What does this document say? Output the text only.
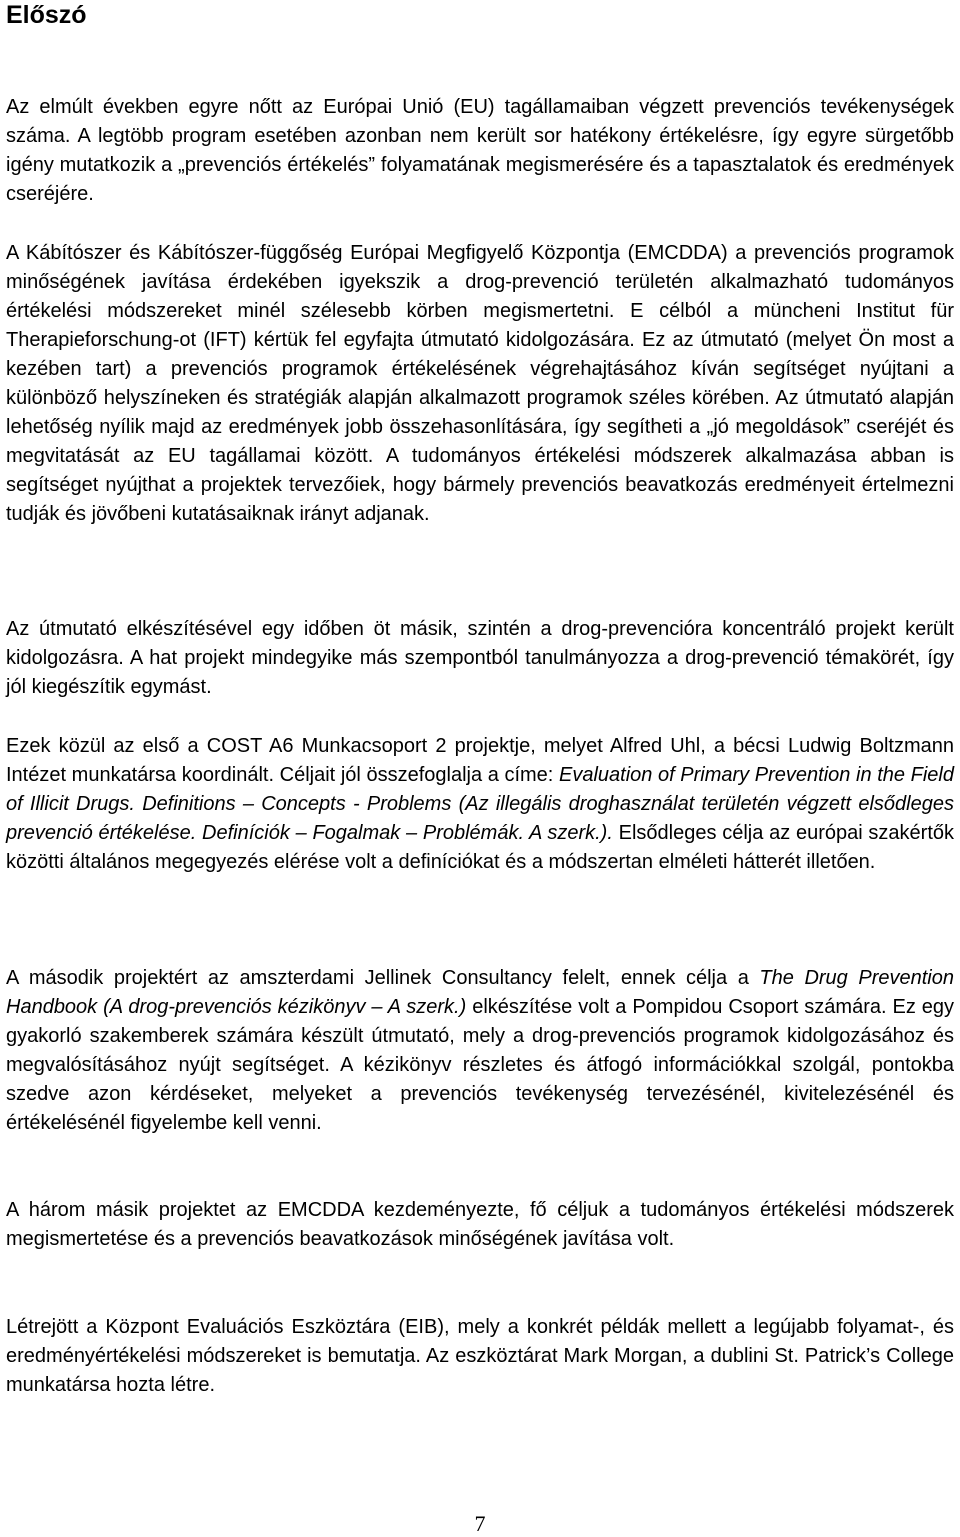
Előszó

Az elmúlt években egyre nőtt az Európai Unió (EU) tagállamaiban végzett prevenciós tevékenységek száma. A legtöbb program esetében azonban nem került sor hatékony értékelésre, így egyre sürgetőbb igény mutatkozik a „prevenciós értékelés” folyamatának megismerésére és a tapasztalatok és eredmények cseréjére.

A Kábítószer és Kábítószer-függőség Európai Megfigyelő Központja (EMCDDA) a prevenciós programok minőségének javítása érdekében igyekszik a drog-prevenció területén alkalmazható tudományos értékelési módszereket minél szélesebb körben megismertetni. E célból a müncheni Institut für Therapieforschung-ot (IFT) kértük fel egyfajta útmutató kidolgozására. Ez az útmutató (melyet Ön most a kezében tart) a prevenciós programok értékelésének végrehajtásához kíván segítséget nyújtani a különböző helyszíneken és stratégiák alapján alkalmazott programok széles körében. Az útmutató alapján lehetőség nyílik majd az eredmények jobb összehasonlítására, így segítheti a „jó megoldások” cseréjét és megvitatását az EU tagállamai között. A tudományos értékelési módszerek alkalmazása abban is segítséget nyújthat a projektek tervezőiek, hogy bármely prevenciós beavatkozás eredményeit értelmezni tudják és jövőbeni kutatásaiknak irányt adjanak.

Az útmutató elkészítésével egy időben öt másik, szintén a drog-prevencióra koncentráló projekt került kidolgozásra. A hat projekt mindegyike más szempontból tanulmányozza a drog-prevenció témakörét, így jól kiegészítik egymást.

Ezek közül az első a COST A6 Munkacsoport 2 projektje, melyet Alfred Uhl, a bécsi Ludwig Boltzmann Intézet munkatársa koordinált. Céljait jól összefoglalja a címe: Evaluation of Primary Prevention in the Field of Illicit Drugs. Definitions – Concepts - Problems (Az illegális droghasználat területén végzett elsődleges prevenció értékelése. Definíciók – Fogalmak – Problémák. A szerk.). Elsődleges célja az európai szakértők közötti általános megegyezés elérése volt a definíciókat és a módszertan elméleti hátterét illetően.

A második projektért az amszterdami Jellinek Consultancy felelt, ennek célja a The Drug Prevention Handbook (A drog-prevenciós kézikönyv – A szerk.) elkészítése volt a Pompidou Csoport számára. Ez egy gyakorló szakemberek számára készült útmutató, mely a drog-prevenciós programok kidolgozásához és megvalósításához nyújt segítséget. A kézikönyv részletes és átfogó információkkal szolgál, pontokba szedve azon kérdéseket, melyeket a prevenciós tevékenység tervezésénél, kivitelezésénél és értékelésénél figyelembe kell venni.

A három másik projektet az EMCDDA kezdeményezte, fő céljuk a tudományos értékelési módszerek megismertetése és a prevenciós beavatkozások minőségének javítása volt.

Létrejött a Központ Evaluációs Eszköztára (EIB), mely a konkrét példák mellett a legújabb folyamat-, és eredményértékelési módszereket is bemutatja. Az eszköztárat Mark Morgan, a dublini St. Patrick’s College munkatársa hozta létre.

7
